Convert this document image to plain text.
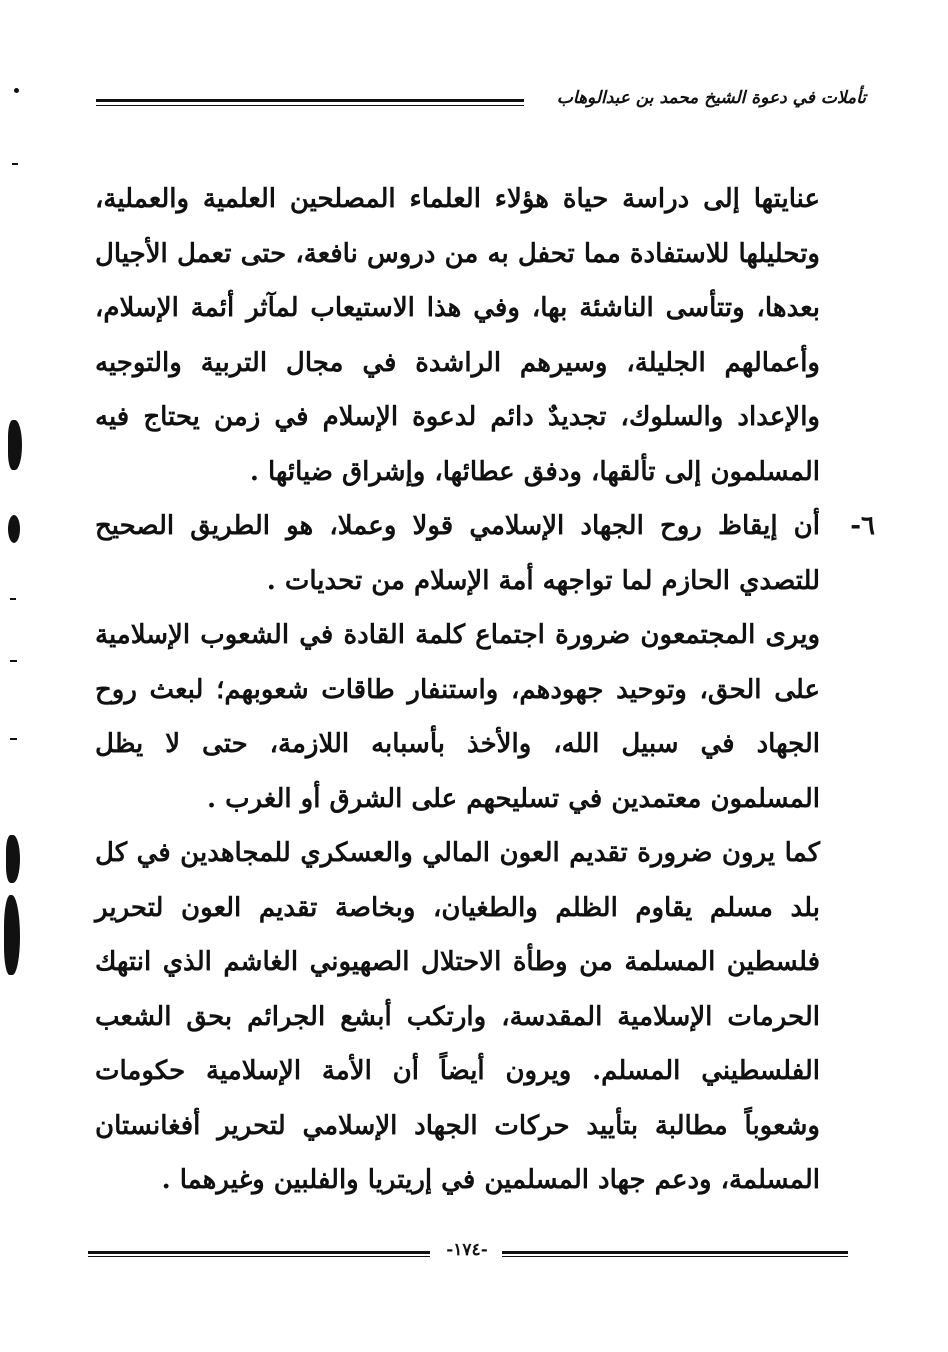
تأملات في دعوة الشيخ محمد بن عبدالوهاب

عنايتها إلى دراسة حياة هؤلاء العلماء المصلحين العلمية والعملية، وتحليلها للاستفادة مما تحفل به من دروس نافعة، حتى تعمل الأجيال بعدها، وتتأسى الناشئة بها، وفي هذا الاستيعاب لمآثر أئمة الإسلام، وأعمالهم الجليلة، وسيرهم الراشدة في مجال التربية والتوجيه والإعداد والسلوك، تجديدٌ دائم لدعوة الإسلام في زمن يحتاج فيه المسلمون إلى تألقها، ودفق عطائها، وإشراق ضيائها .

٦-

أن إيقاظ روح الجهاد الإسلامي قولا وعملا، هو الطريق الصحيح للتصدي الحازم لما تواجهه أمة الإسلام من تحديات .

ويرى المجتمعون ضرورة اجتماع كلمة القادة في الشعوب الإسلامية على الحق، وتوحيد جهودهم، واستنفار طاقات شعوبهم؛ لبعث روح الجهاد في سبيل الله، والأخذ بأسبابه اللازمة، حتى لا يظل المسلمون معتمدين في تسليحهم على الشرق أو الغرب .

كما يرون ضرورة تقديم العون المالي والعسكري للمجاهدين في كل بلد مسلم يقاوم الظلم والطغيان، وبخاصة تقديم العون لتحرير فلسطين المسلمة من وطأة الاحتلال الصهيوني الغاشم الذي انتهك الحرمات الإسلامية المقدسة، وارتكب أبشع الجرائم بحق الشعب الفلسطيني المسلم. ويرون أيضاً أن الأمة الإسلامية حكومات وشعوباً مطالبة بتأييد حركات الجهاد الإسلامي لتحرير أفغانستان المسلمة، ودعم جهاد المسلمين في إريتريا والفلبين وغيرهما .

-١٧٤-
